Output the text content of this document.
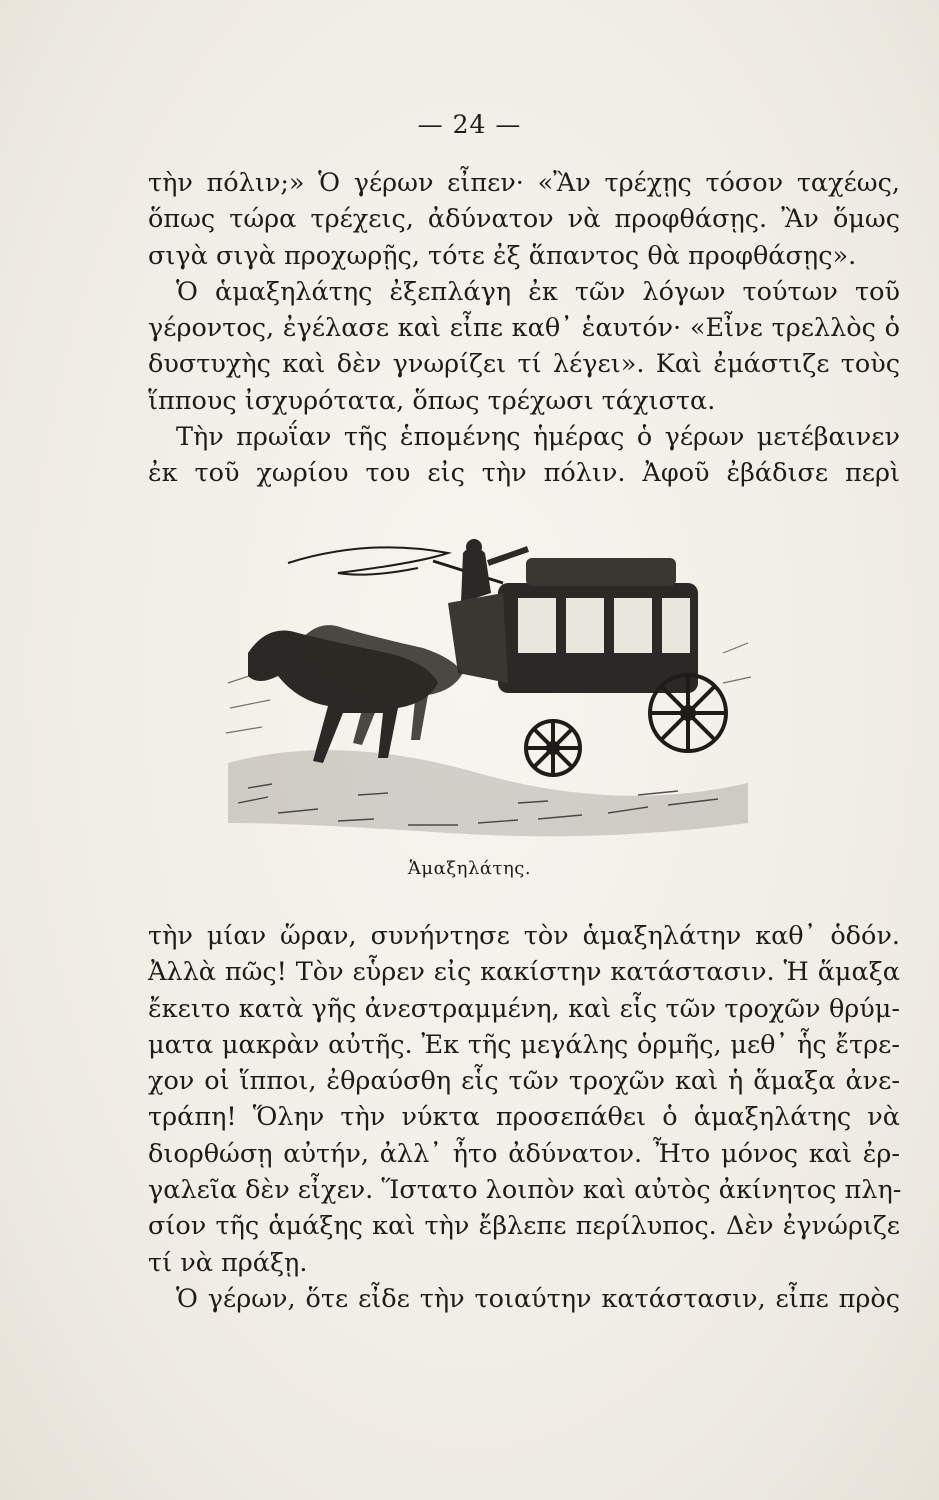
— 24 —
τὴν πόλιν;» Ὁ γέρων εἶπεν· «Ἂν τρέχῃς τόσον ταχέως,
ὅπως τώρα τρέχεις, ἀδύνατον νὰ προφθάσῃς. Ἂν ὅμως
σιγὰ σιγὰ προχωρῇς, τότε ἐξ ἅπαντος θὰ προφθάσῃς».
Ὁ ἁμαξηλάτης ἐξεπλάγη ἐκ τῶν λόγων τούτων τοῦ
γέροντος, ἐγέλασε καὶ εἶπε καθ᾽ ἑαυτόν· «Εἶνε τρελλὸς ὁ
δυστυχὴς καὶ δὲν γνωρίζει τί λέγει». Καὶ ἐμάστιζε τοὺς
ἵππους ἰσχυρότατα, ὅπως τρέχωσι τάχιστα.
Τὴν πρωΐαν τῆς ἑπομένης ἡμέρας ὁ γέρων μετέβαινεν
ἐκ τοῦ χωρίου του εἰς τὴν πόλιν. Ἀφοῦ ἐβάδισε περὶ
Ἁμαξηλάτης.
τὴν μίαν ὥραν, συνήντησε τὸν ἁμαξηλάτην καθ᾽ ὁδόν.
Ἀλλὰ πῶς! Τὸν εὗρεν εἰς κακίστην κατάστασιν. Ἡ ἅμαξα
ἔκειτο κατὰ γῆς ἀνεστραμμένη, καὶ εἷς τῶν τροχῶν θρύμ-
ματα μακρὰν αὐτῆς. Ἐκ τῆς μεγάλης ὁρμῆς, μεθ᾽ ἧς ἔτρε-
χον οἱ ἵπποι, ἐθραύσθη εἷς τῶν τροχῶν καὶ ἡ ἅμαξα ἀνε-
τράπη! Ὅλην τὴν νύκτα προσεπάθει ὁ ἁμαξηλάτης νὰ
διορθώσῃ αὐτήν, ἀλλ᾽ ἦτο ἀδύνατον. Ἦτο μόνος καὶ ἐρ-
γαλεῖα δὲν εἶχεν. Ἵστατο λοιπὸν καὶ αὐτὸς ἀκίνητος πλη-
σίον τῆς ἁμάξης καὶ τὴν ἔβλεπε περίλυπος. Δὲν ἐγνώριζε
τί νὰ πράξῃ.
Ὁ γέρων, ὅτε εἶδε τὴν τοιαύτην κατάστασιν, εἶπε πρὸς
